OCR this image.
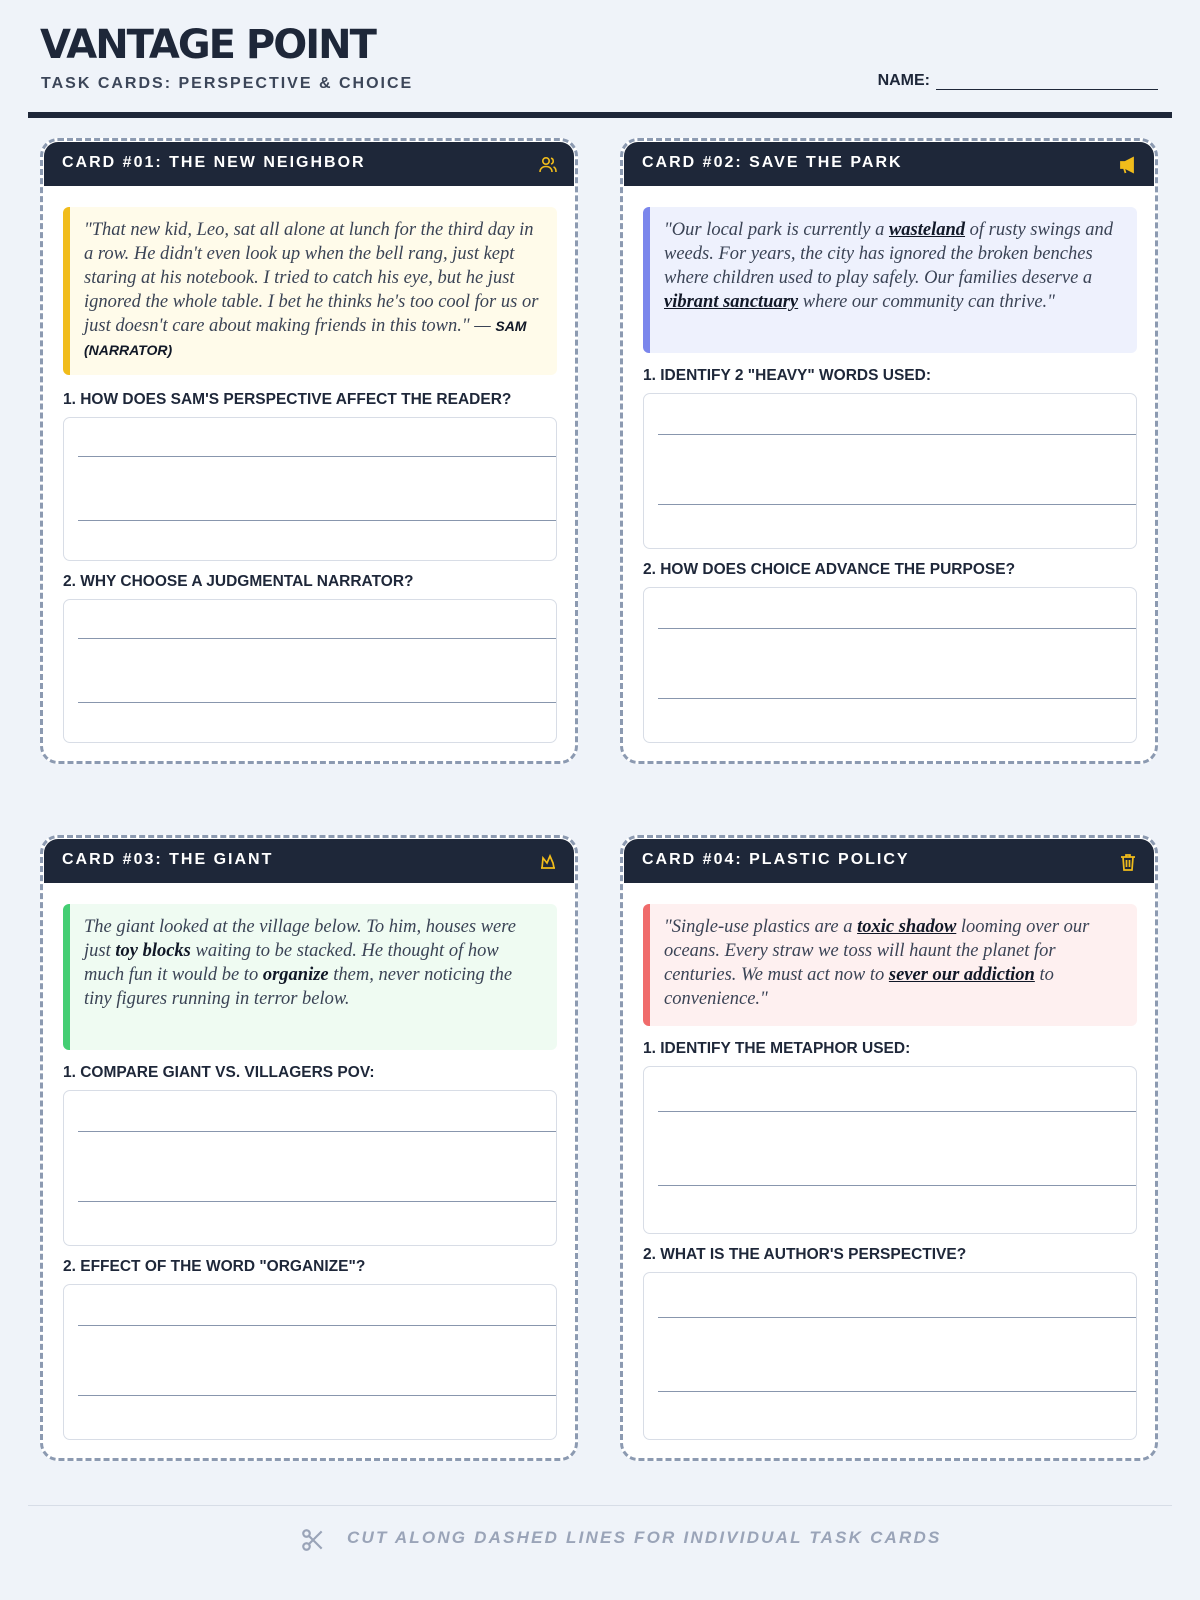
VANTAGE POINT
TASK CARDS: PERSPECTIVE & CHOICE	NAME:
CARD #01: THE NEW NEIGHBOR
"That new kid, Leo, sat all alone at lunch for the third day in a row. He didn't even look up when the bell rang, just kept staring at his notebook. I tried to catch his eye, but he just ignored the whole table. I bet he thinks he's too cool for us or just doesn't care about making friends in this town." — SAM (NARRATOR)
1. HOW DOES SAM'S PERSPECTIVE AFFECT THE READER?
2. WHY CHOOSE A JUDGMENTAL NARRATOR?
CARD #02: SAVE THE PARK
"Our local park is currently a wasteland of rusty swings and weeds. For years, the city has ignored the broken benches where children used to play safely. Our families deserve a vibrant sanctuary where our community can thrive."
1. IDENTIFY 2 "HEAVY" WORDS USED:
2. HOW DOES CHOICE ADVANCE THE PURPOSE?
CARD #03: THE GIANT
The giant looked at the village below. To him, houses were just toy blocks waiting to be stacked. He thought of how much fun it would be to organize them, never noticing the tiny figures running in terror below.
1. COMPARE GIANT VS. VILLAGERS POV:
2. EFFECT OF THE WORD "ORGANIZE"?
CARD #04: PLASTIC POLICY
"Single-use plastics are a toxic shadow looming over our oceans. Every straw we toss will haunt the planet for centuries. We must act now to sever our addiction to convenience."
1. IDENTIFY THE METAPHOR USED:
2. WHAT IS THE AUTHOR'S PERSPECTIVE?
CUT ALONG DASHED LINES FOR INDIVIDUAL TASK CARDS
